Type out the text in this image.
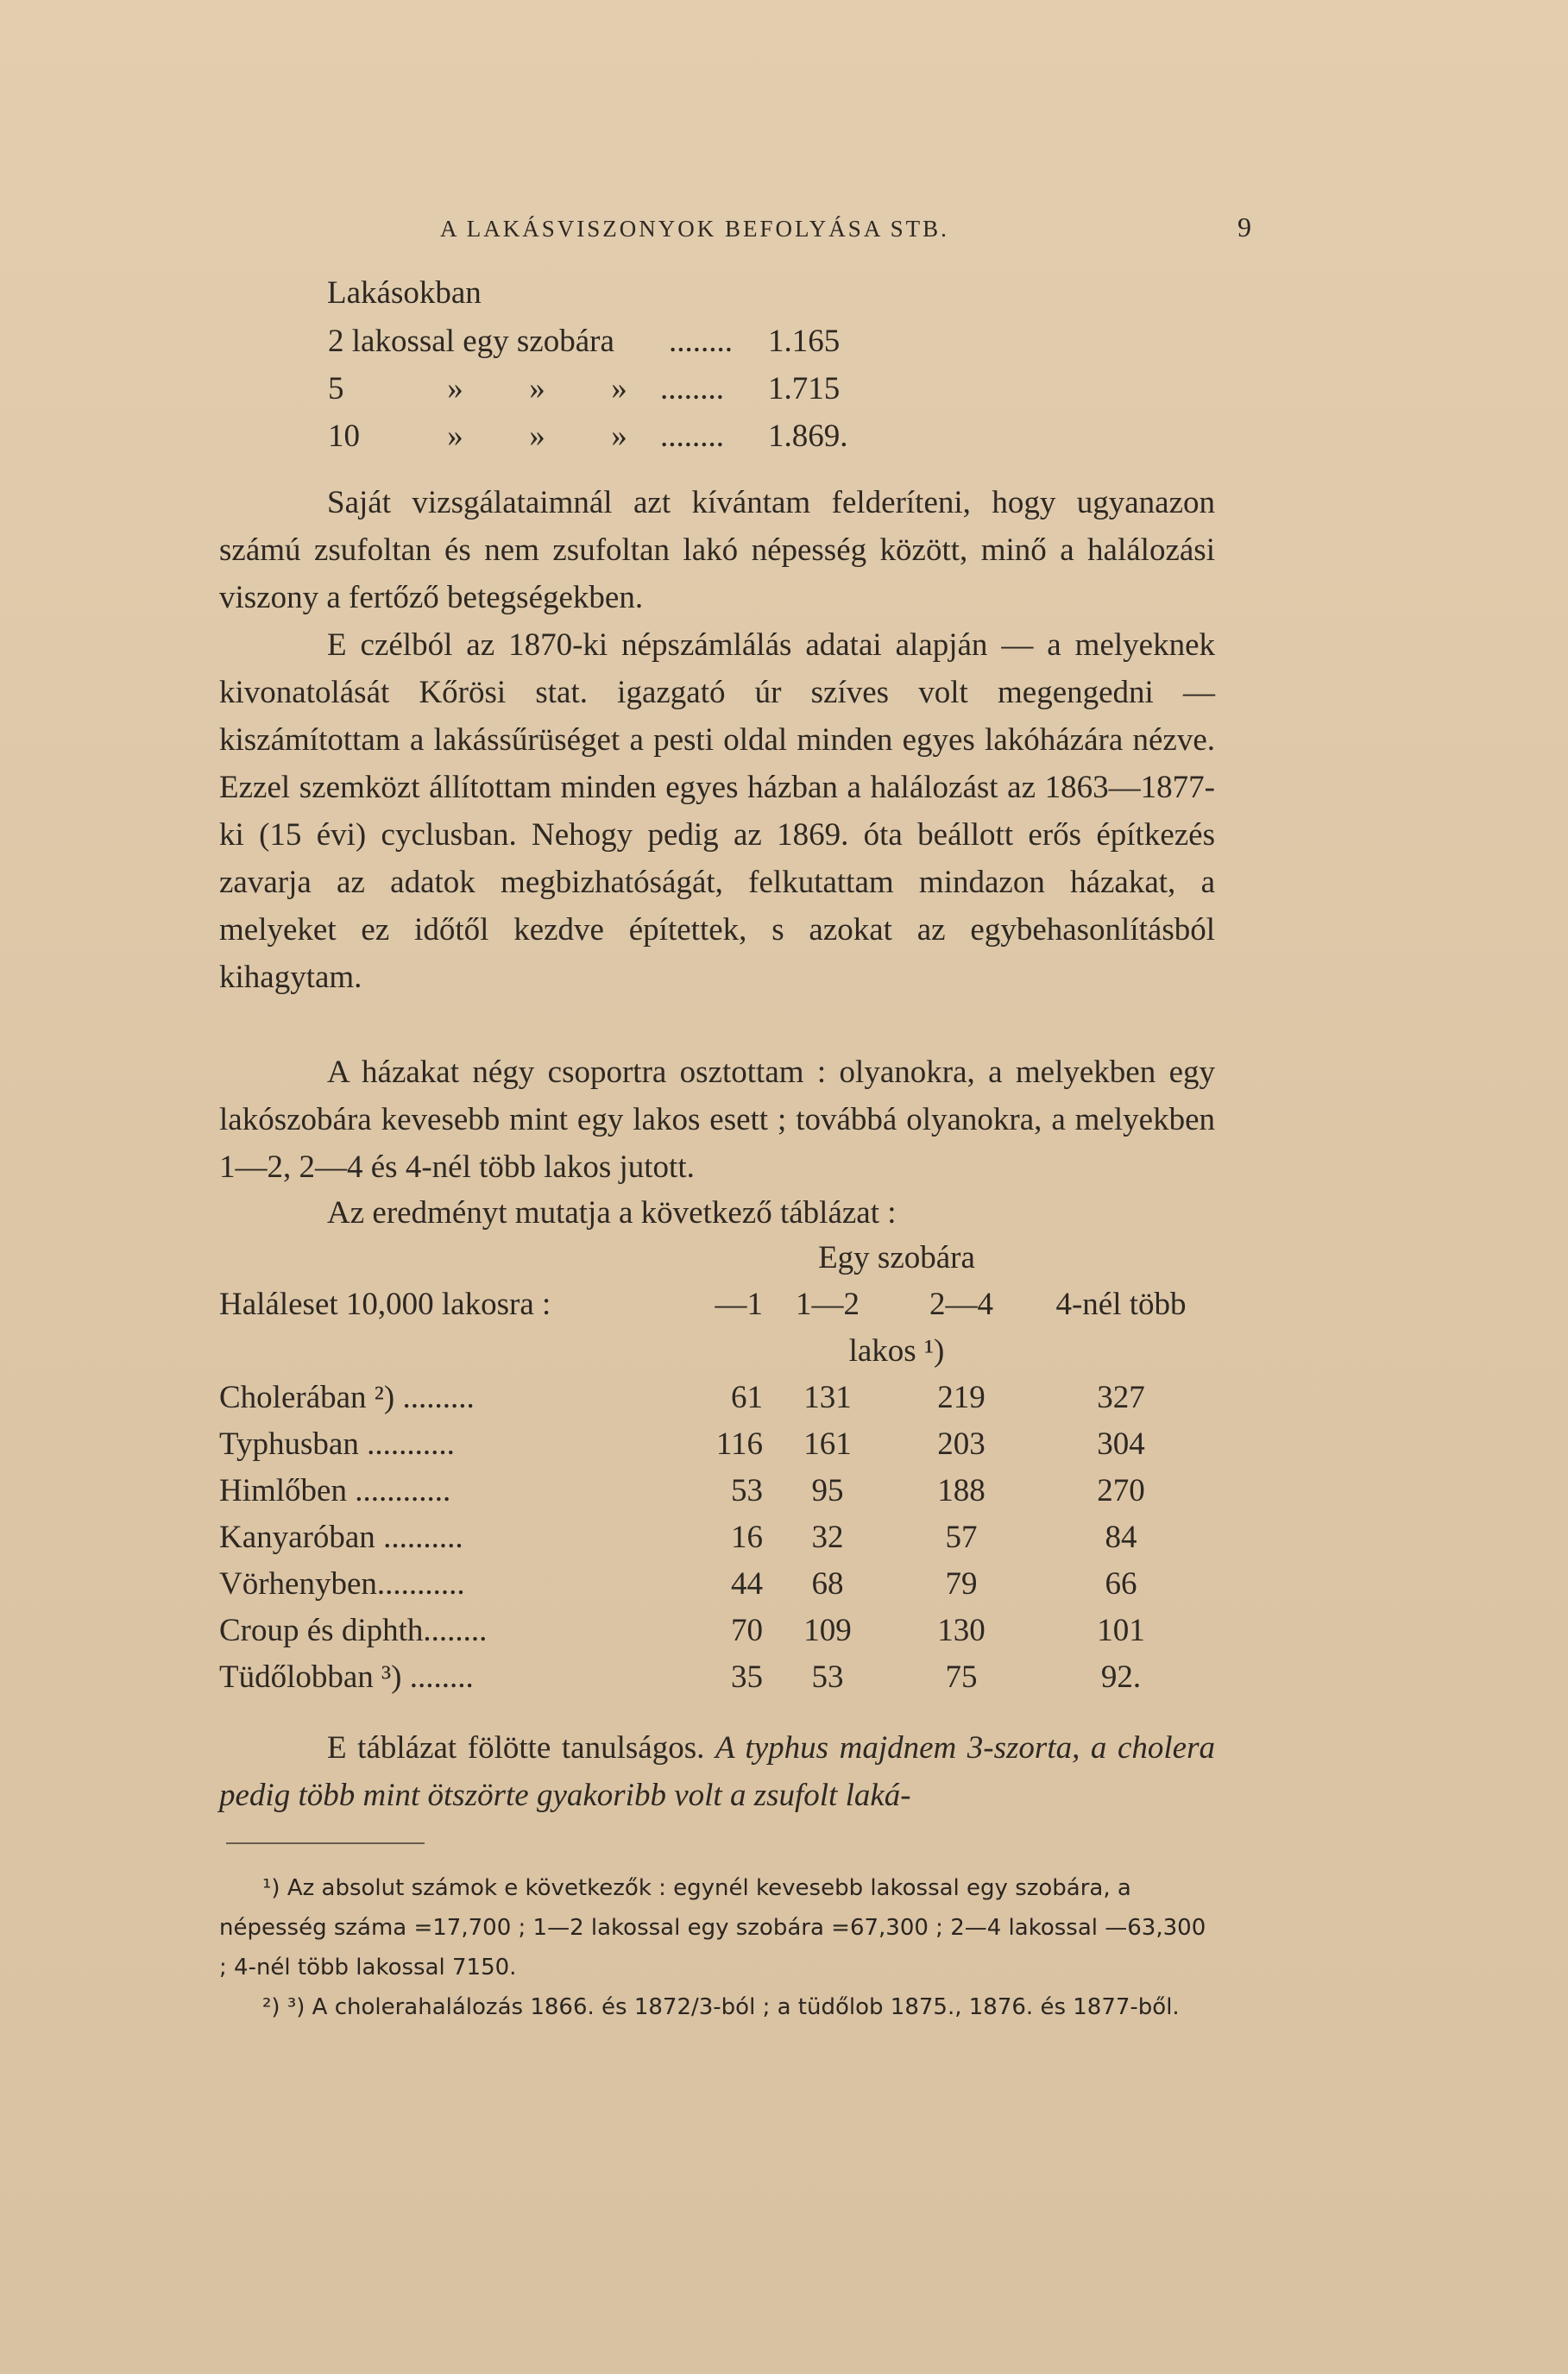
A LAKÁSVISZONYOK BEFOLYÁSA STB.	9
Lakásokban
2 lakossal egy szobára	........	1.165
5	»	»	»	........	1.715
10	»	»	»	........	1.869.
Saját vizsgálataimnál azt kívántam felderíteni, hogy ugyanazon számú zsufoltan és nem zsufoltan lakó népesség között, minő a halálozási viszony a fertőző betegségekben.
E czélból az 1870-ki népszámlálás adatai alapján — a melyeknek kivonatolását Kőrösi stat. igazgató úr szíves volt megengedni — kiszámítottam a lakássűrüséget a pesti oldal minden egyes lakóházára nézve. Ezzel szemközt állítottam minden egyes házban a halálozást az 1863—1877-ki (15 évi) cyclusban. Nehogy pedig az 1869. óta beállott erős építkezés zavarja az adatok megbizhatóságát, felkutattam mindazon házakat, a melyeket ez időtől kezdve építettek, s azokat az egybehasonlításból kihagytam.
A házakat négy csoportra osztottam : olyanokra, a melyekben egy lakószobára kevesebb mint egy lakos esett ; továbbá olyanokra, a melyekben 1—2, 2—4 és 4-nél több lakos jutott.
Az eredményt mutatja a következő táblázat :
		Egy szobára		
Haláleset 10,000 lakosra :	—1	1—2	2—4	4-nél több
		lakos ¹)		
Cholerában ²) .........	61	131	219	327
Typhusban ...........	116	161	203	304
Himlőben ............	53	95	188	270
Kanyaróban ..........	16	32	57	84
Vörhenyben...........	44	68	79	66
Croup és diphth........	70	109	130	101
Tüdőlobban ³) ........	35	53	75	92.
E táblázat fölötte tanulságos. A typhus majdnem 3-szorta, a cholera pedig több mint ötszörte gyakoribb volt a zsufolt laká-
¹) Az absolut számok e következők : egynél kevesebb lakossal egy szobára, a népesség száma =17,700 ; 1—2 lakossal egy szobára =67,300 ; 2—4 lakossal —63,300 ; 4-nél több lakossal 7150.
²) ³) A cholerahalálozás 1866. és 1872/3-ból ; a tüdőlob 1875., 1876. és 1877-ből.
